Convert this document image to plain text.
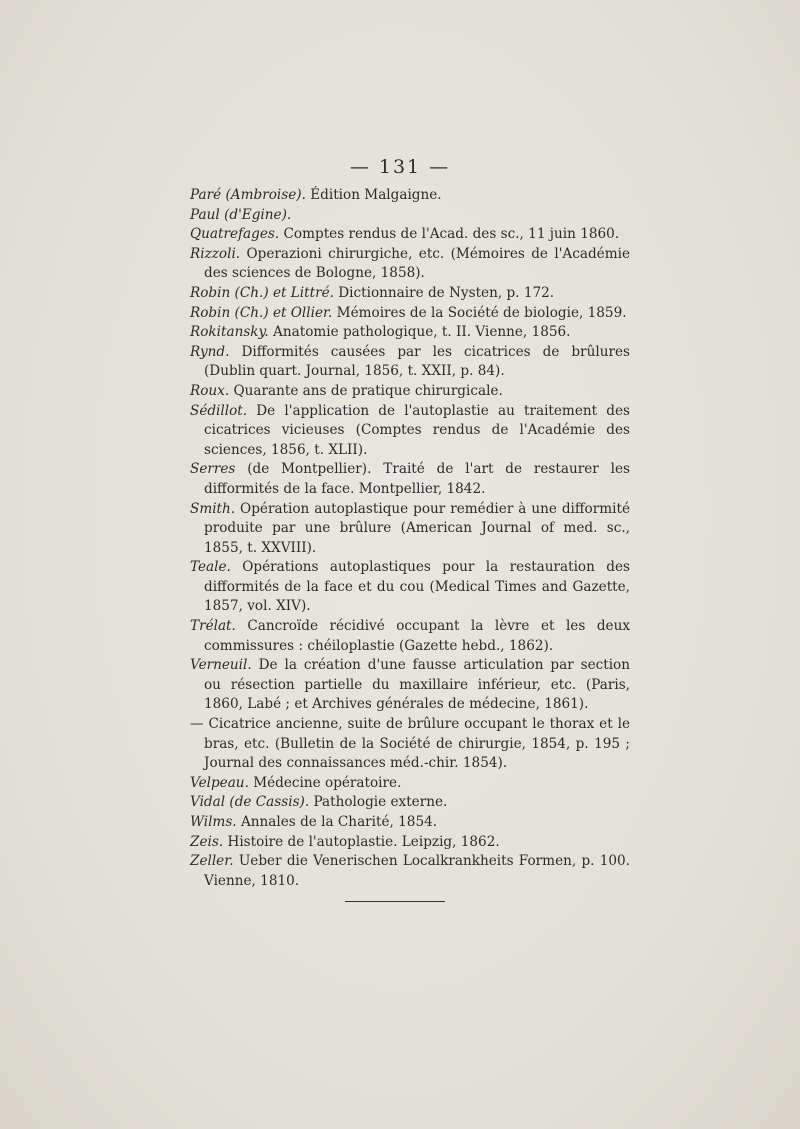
— 131 —

Paré (Ambroise). Édition Malgaigne.

Paul (d'Egine).

Quatrefages. Comptes rendus de l'Acad. des sc., 11 juin 1860.

Rizzoli. Operazioni chirurgiche, etc. (Mémoires de l'Académie des sciences de Bologne, 1858).

Robin (Ch.) et Littré. Dictionnaire de Nysten, p. 172.

Robin (Ch.) et Ollier. Mémoires de la Société de biologie, 1859.

Rokitansky. Anatomie pathologique, t. II. Vienne, 1856.

Rynd. Difformités causées par les cicatrices de brûlures (Dublin quart. Journal, 1856, t. XXII, p. 84).

Roux. Quarante ans de pratique chirurgicale.

Sédillot. De l'application de l'autoplastie au traitement des cicatrices vicieuses (Comptes rendus de l'Académie des sciences, 1856, t. XLII).

Serres (de Montpellier). Traité de l'art de restaurer les difformités de la face. Montpellier, 1842.

Smith. Opération autoplastique pour remédier à une difformité produite par une brûlure (American Journal of med. sc., 1855, t. XXVIII).

Teale. Opérations autoplastiques pour la restauration des difformités de la face et du cou (Medical Times and Gazette, 1857, vol. XIV).

Trélat. Cancroïde récidivé occupant la lèvre et les deux commissures : chéiloplastie (Gazette hebd., 1862).

Verneuil. De la création d'une fausse articulation par section ou résection partielle du maxillaire inférieur, etc. (Paris, 1860, Labé ; et Archives générales de médecine, 1861).

— Cicatrice ancienne, suite de brûlure occupant le thorax et le bras, etc. (Bulletin de la Société de chirurgie, 1854, p. 195 ; Journal des connaissances méd.-chir. 1854).

Velpeau. Médecine opératoire.

Vidal (de Cassis). Pathologie externe.

Wilms. Annales de la Charité, 1854.

Zeis. Histoire de l'autoplastie. Leipzig, 1862.

Zeller. Ueber die Venerischen Localkrankheits Formen, p. 100. Vienne, 1810.
